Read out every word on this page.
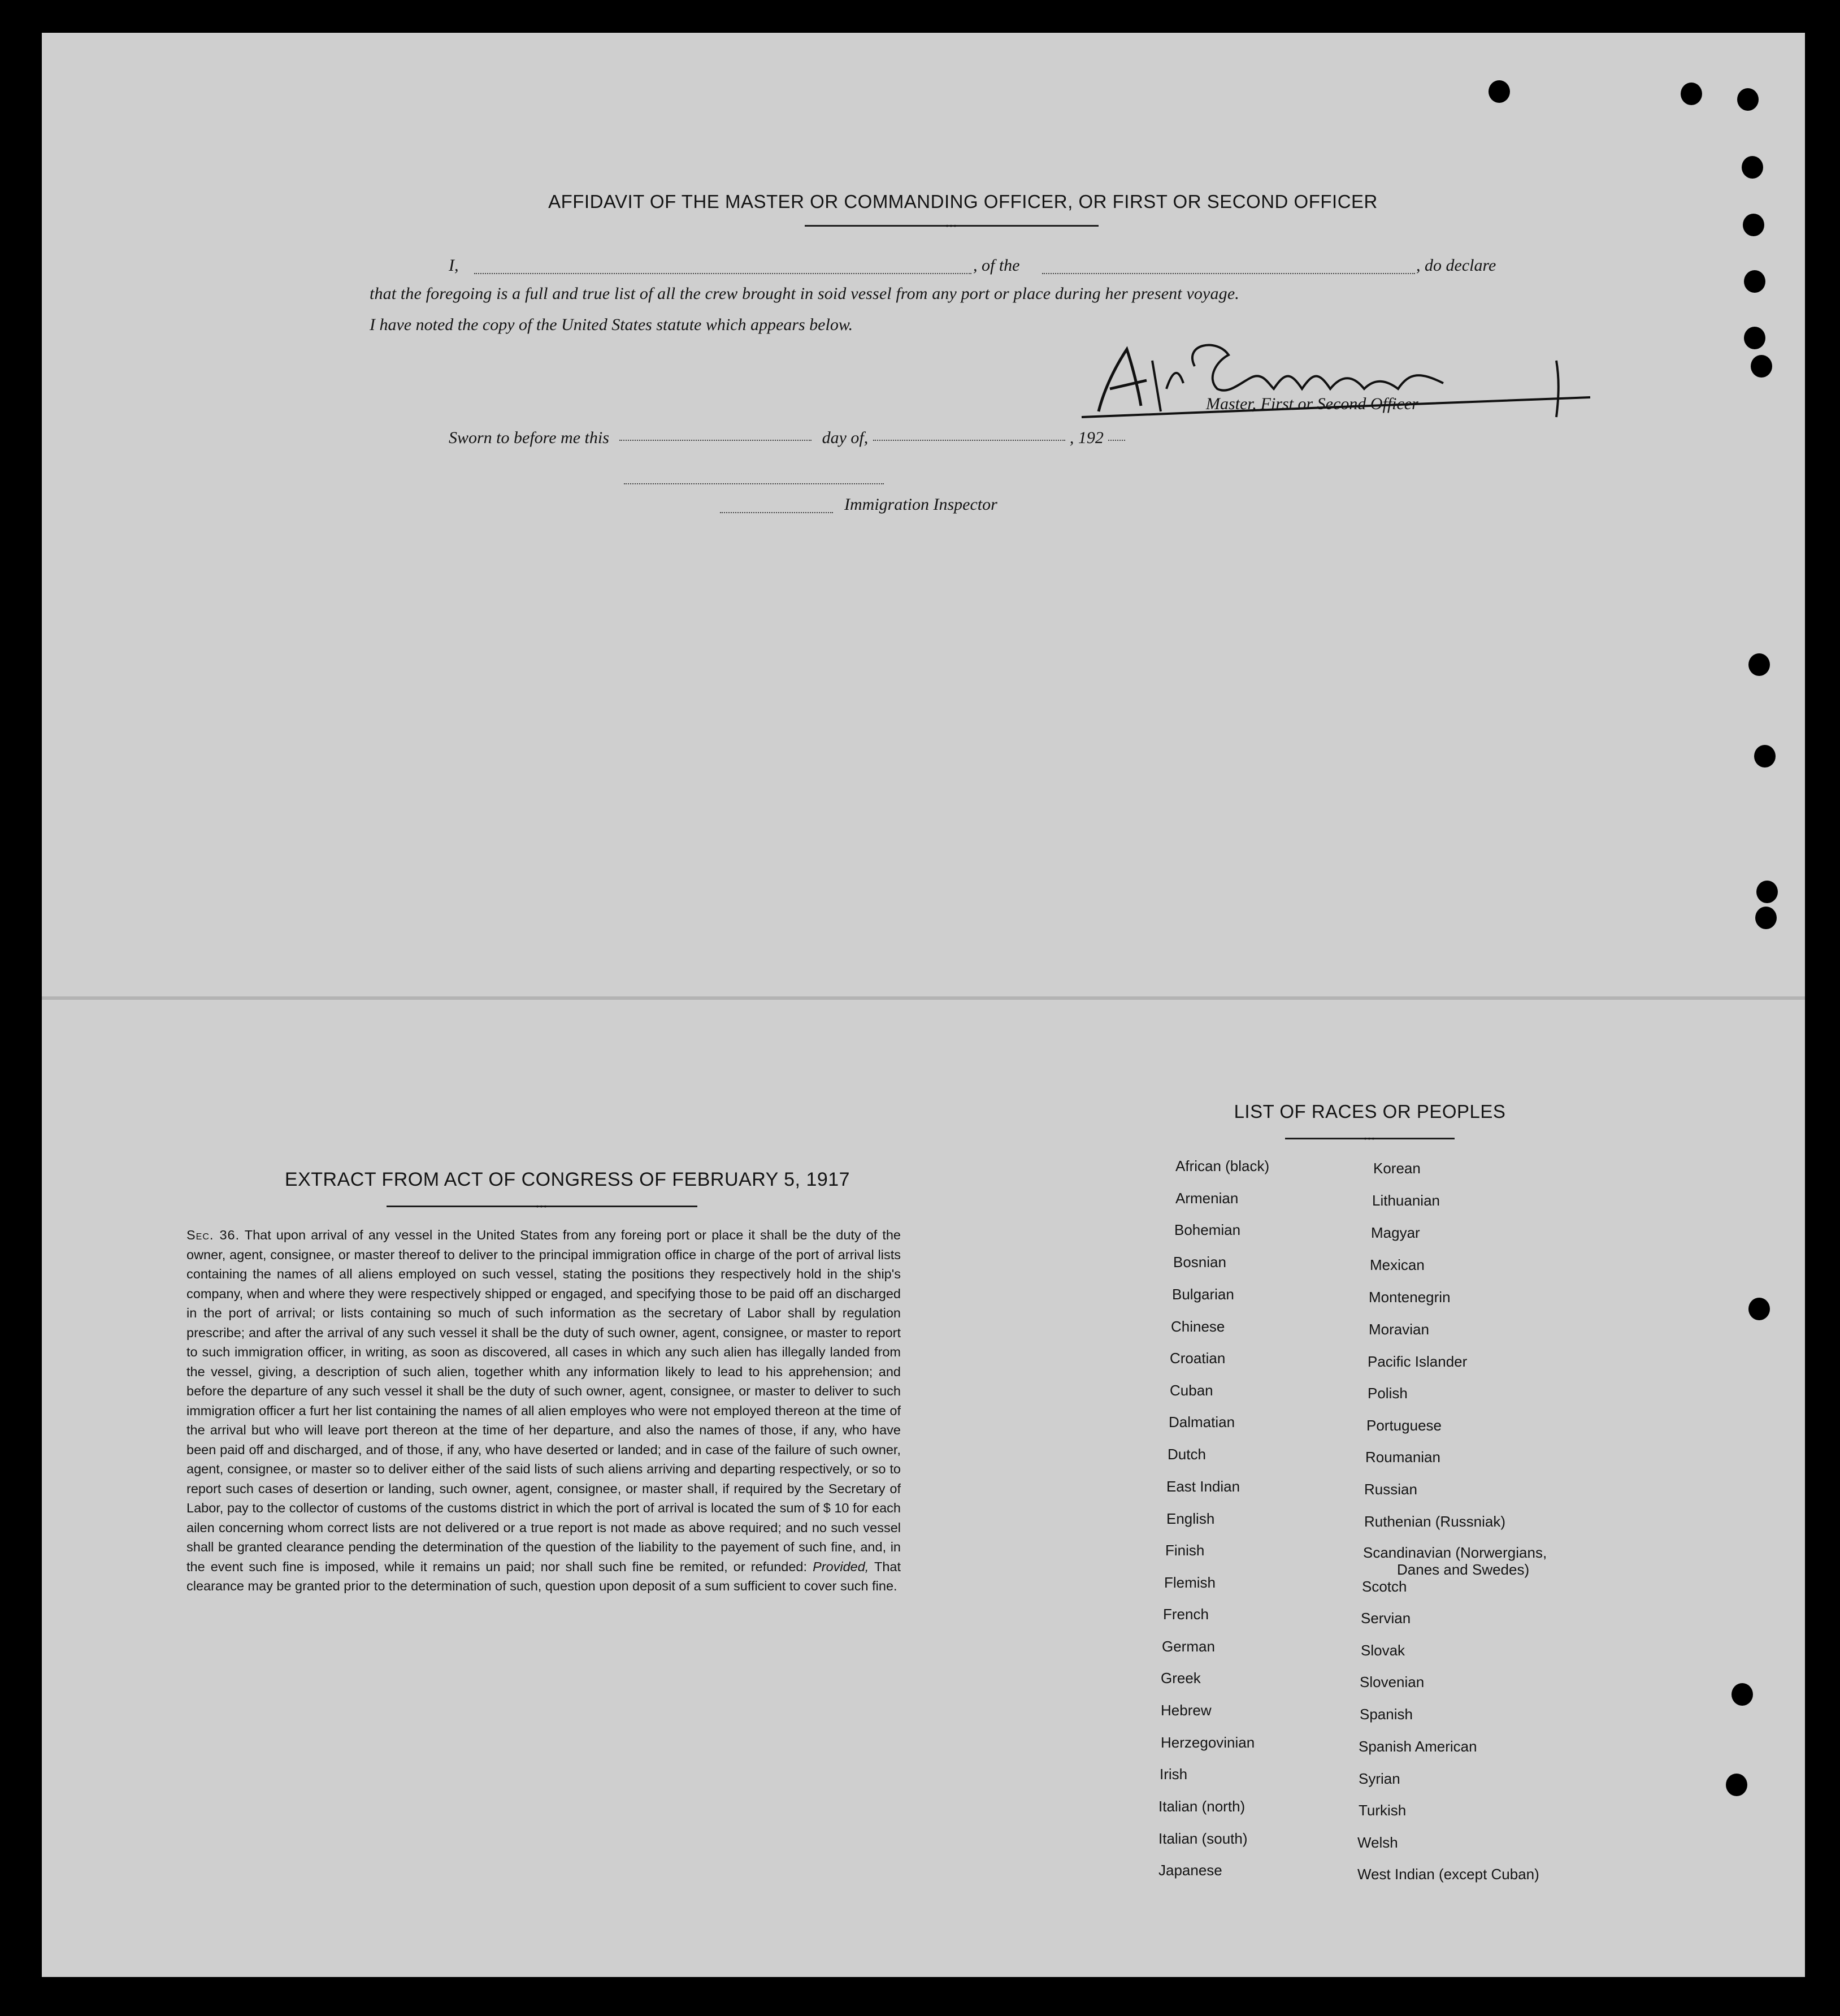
AFFIDAVIT OF THE MASTER OR COMMANDING OFFICER, OR FIRST OR SECOND OFFICER
•••
I,	, of the	, do declare
that the foregoing is a full and true list of all the crew brought in soid vessel from any port or place during her present voyage.
I have noted the copy of the United States statute which appears below.
Master, First or Second Officer
Sworn to before me this	day of,	, 192
Immigration Inspector
EXTRACT FROM ACT OF CONGRESS OF FEBRUARY 5, 1917
•••
Sec. 36. That upon arrival of any vessel in the United States from any foreing port or place it shall be the duty of the owner, agent, consignee, or master thereof to deliver to the principal immigration office in charge of the port of arrival lists containing the names of all aliens employed on such vessel, stating the positions they respectively hold in the ship's company, when and where they were respectively shipped or engaged, and specifying those to be paid off an discharged in the port of arrival; or lists containing so much of such information as the secretary of Labor shall by regulation prescribe; and after the arrival of any such vessel it shall be the duty of such owner, agent, consignee, or master to report to such immigration officer, in writing, as soon as discovered, all cases in which any such alien has illegally landed from the vessel, giving, a description of such alien, together whith any information likely to lead to his apprehension; and before the departure of any such vessel it shall be the duty of such owner, agent, consignee, or master to deliver to such immigration officer a furt her list containing the names of all alien employes who were not employed thereon at the time of the arrival but who will leave port thereon at the time of her departure, and also the names of those, if any, who have been paid off and discharged, and of those, if any, who have deserted or landed; and in case of the failure of such owner, agent, consignee, or master so to deliver either of the said lists of such aliens arriving and departing respectively, or so to report such cases of desertion or landing, such owner, agent, consignee, or master shall, if required by the Secretary of Labor, pay to the collector of customs of the customs district in which the port of arrival is located the sum of $ 10 for each ailen concerning whom correct lists are not delivered or a true report is not made as above required; and no such vessel shall be granted clearance pending the determination of the question of the liability to the payement of such fine, and, in the event such fine is imposed, while it remains un paid; nor shall such fine be remited, or refunded: Provided, That clearance may be granted prior to the determination of such, question upon deposit of a sum sufficient to cover such fine.
LIST OF RACES OR PEOPLES
•••
African (black)
Armenian
Bohemian
Bosnian
Bulgarian
Chinese
Croatian
Cuban
Dalmatian
Dutch
East Indian
English
Finish
Flemish
French
German
Greek
Hebrew
Herzegovinian
Irish
Italian (north)
Italian (south)
Japanese
Korean
Lithuanian
Magyar
Mexican
Montenegrin
Moravian
Pacific Islander
Polish
Portuguese
Roumanian
Russian
Ruthenian (Russniak)
Scandinavian (Norwergians,
Danes and Swedes)
Scotch
Servian
Slovak
Slovenian
Spanish
Spanish American
Syrian
Turkish
Welsh
West Indian (except Cuban)
